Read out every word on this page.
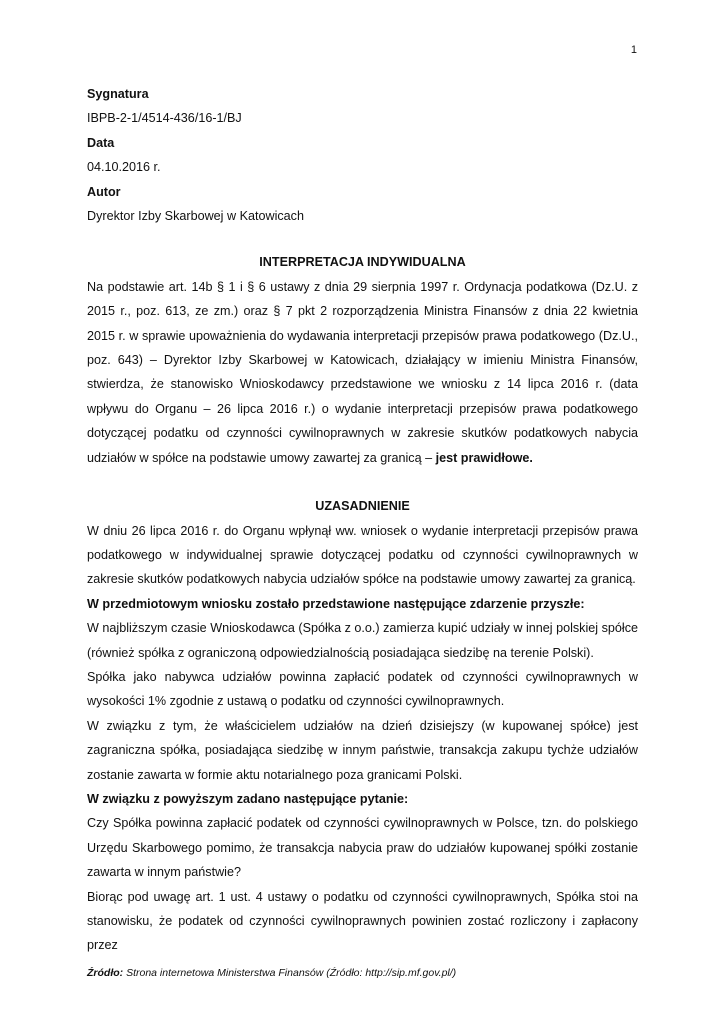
1

Sygnatura

IBPB-2-1/4514-436/16-1/BJ

Data

04.10.2016 r.

Autor

Dyrektor Izby Skarbowej w Katowicach

INTERPRETACJA INDYWIDUALNA

Na podstawie art. 14b § 1 i § 6 ustawy z dnia 29 sierpnia 1997 r. Ordynacja podatkowa (Dz.U. z 2015 r., poz. 613, ze zm.) oraz § 7 pkt 2 rozporządzenia Ministra Finansów z dnia 22 kwietnia 2015 r. w sprawie upoważnienia do wydawania interpretacji przepisów prawa podatkowego (Dz.U., poz. 643) – Dyrektor Izby Skarbowej w Katowicach, działający w imieniu Ministra Finansów, stwierdza, że stanowisko Wnioskodawcy przedstawione we wniosku z 14 lipca 2016 r. (data wpływu do Organu – 26 lipca 2016 r.) o wydanie interpretacji przepisów prawa podatkowego dotyczącej podatku od czynności cywilnoprawnych w zakresie skutków podatkowych nabycia udziałów w spółce na podstawie umowy zawartej za granicą – jest prawidłowe.

UZASADNIENIE

W dniu 26 lipca 2016 r. do Organu wpłynął ww. wniosek o wydanie interpretacji przepisów prawa podatkowego w indywidualnej sprawie dotyczącej podatku od czynności cywilnoprawnych w zakresie skutków podatkowych nabycia udziałów spółce na podstawie umowy zawartej za granicą.

W przedmiotowym wniosku zostało przedstawione następujące zdarzenie przyszłe:

W najbliższym czasie Wnioskodawca (Spółka z o.o.) zamierza kupić udziały w innej polskiej spółce (również spółka z ograniczoną odpowiedzialnością posiadająca siedzibę na terenie Polski).

Spółka jako nabywca udziałów powinna zapłacić podatek od czynności cywilnoprawnych w wysokości 1% zgodnie z ustawą o podatku od czynności cywilnoprawnych.

W związku z tym, że właścicielem udziałów na dzień dzisiejszy (w kupowanej spółce) jest zagraniczna spółka, posiadająca siedzibę w innym państwie, transakcja zakupu tychże udziałów zostanie zawarta w formie aktu notarialnego poza granicami Polski.

W związku z powyższym zadano następujące pytanie:

Czy Spółka powinna zapłacić podatek od czynności cywilnoprawnych w Polsce, tzn. do polskiego Urzędu Skarbowego pomimo, że transakcja nabycia praw do udziałów kupowanej spółki zostanie zawarta w innym państwie?

Biorąc pod uwagę art. 1 ust. 4 ustawy o podatku od czynności cywilnoprawnych, Spółka stoi na stanowisku, że podatek od czynności cywilnoprawnych powinien zostać rozliczony i zapłacony przez

Źródło: Strona internetowa Ministerstwa Finansów (Źródło: http://sip.mf.gov.pl/)
